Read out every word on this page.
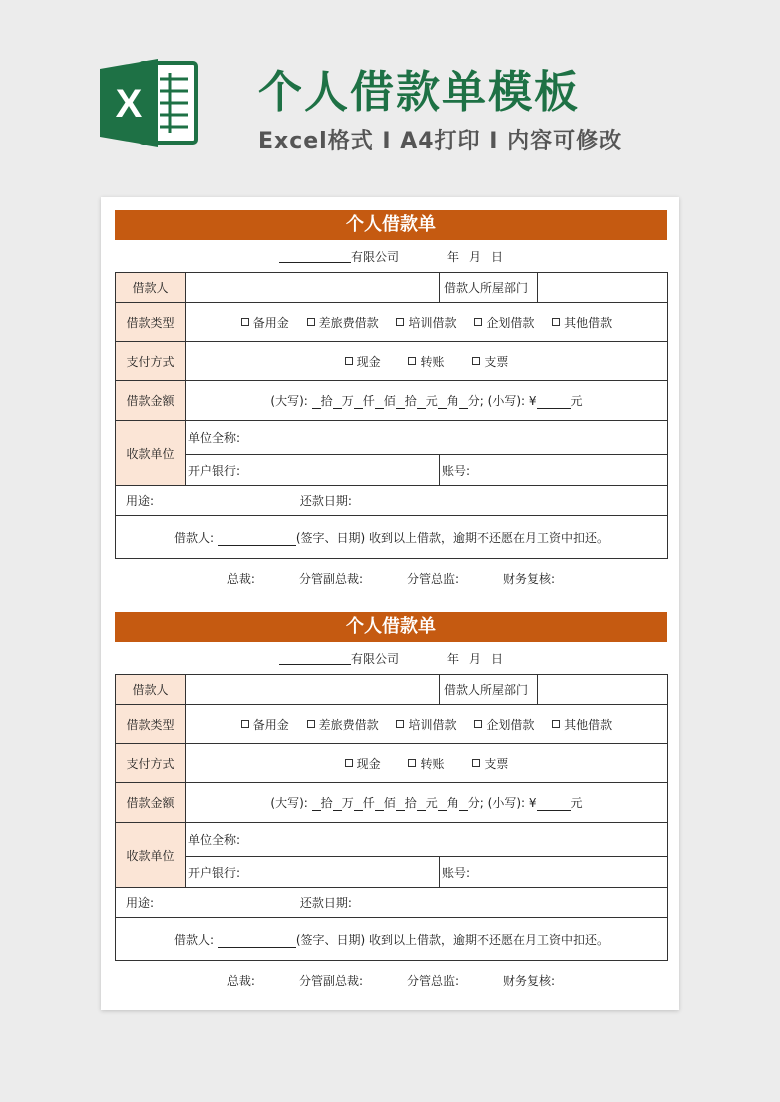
X	个人借款单模板

Excel格式 I A4打印 I 内容可修改

个人借款单
有限公司	年 月 日
借款人		借款人所屋部门	
借款类型	备用金 差旅费借款 培训借款 企划借款 其他借款		
支付方式	现金 转账 支票		
借款金额	(大写): 拾 万 仟 佰 拾 元 角 分; (小写): ¥ 元		
收款单位	单位全称:		
	开户银行:	账号:	
用途: 还款日期:			
借款人: (签字、日期) 收到以上借款，逾期不还愿在月工资中扣还。			
总裁:	分管副总裁:	分管总监:	财务复核:
个人借款单
有限公司	年 月 日
借款人		借款人所屋部门	
借款类型	备用金 差旅费借款 培训借款 企划借款 其他借款		
支付方式	现金 转账 支票		
借款金额	(大写): 拾 万 仟 佰 拾 元 角 分; (小写): ¥ 元		
收款单位	单位全称:		
	开户银行:	账号:	
用途: 还款日期:			
借款人: (签字、日期) 收到以上借款，逾期不还愿在月工资中扣还。			
总裁:	分管副总裁:	分管总监:	财务复核:
